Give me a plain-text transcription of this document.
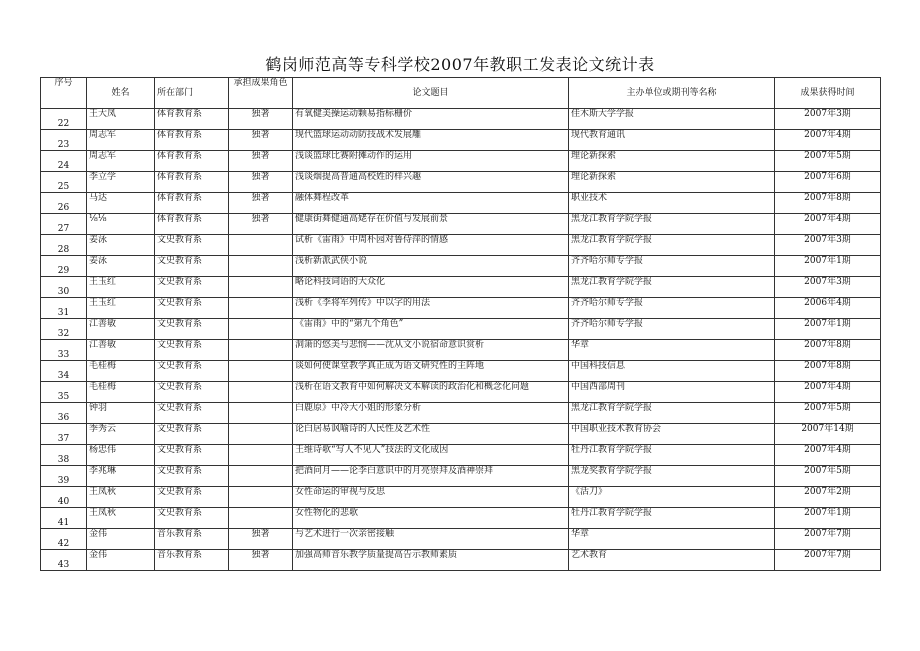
鹤岗师范高等专科学校2007年教职工发表论文统计表
序号	姓名	所在部门	承担成果角色	论文题目	主办单位或期刊等名称	成果获得时间
22	王大凤	体育教育系	独著	有氧健美操运动颗易指标栅价	佳木斯大学学报	2007年3期
23	周志军	体育教育系	独著	现代篮球运动动防技战术发展雕	现代教育通讯	2007年4期
24	周志军	体育教育系	独著	浅谈篮球比赛附摊动作的运用	理论新探索	2007年5期
25	李立学	体育教育系	独著	浅谈烟提高普通高校姓的样兴趣	理论新探索	2007年6期
26	马达	体育教育系	独著	融体舞程改革	职业技术	2007年8期
27	⅛⅛	体育教育系	独著	健康街舞健通高姥存在价值与发展前景	黑龙江教育学院学报	2007年4期
28	姜泳	文史教育系		试析《雷雨》中周朴园对鲁侍萍的情感	黑龙江教育学院学报	2007年3期
29	姜泳	文史教育系		浅析新派武侠小说	齐齐哈尔师专学报	2007年1期
30	王玉红	文史教育系		略论科技词语的大众化	黑龙江教育学院学报	2007年3期
31	王玉红	文史教育系		浅析《李将军列传》中以字的用法	齐齐哈尔师专学报	2006年4期
32	江善敏	文史教育系		《雷雨》中的“第九个角色”	齐齐哈尔师专学报	2007年1期
33	江善敏	文史教育系		洞箫的悠美与悲悯——沈从文小说宿命意识赏析	华章	2007年8期
34	毛桂梅	文史教育系		谈如何使课堂教学真正成为语文研究性的主阵地	中国科技信息	2007年8期
35	毛桂梅	文史教育系		浅析在语文教育中如何解决文本解读的政治化和概念化问题	中国西部周刊	2007年4期
36	钟羽	文史教育系		白鹿原》中冷大小姐的形象分析	黑龙江教育学院学报	2007年5期
37	季秀云	文史教育系		论白居易讽喻诗的人民性及艺术性	中国职业技术教育协会	2007年14期
38	杨忠伟	文史教育系		王维诗歌“写人不见人”技法的文化成因	牡丹江教育学院学报	2007年4期
39	李兆琳	文史教育系		把酒问月——论李白意识中的月亮崇拜及酒神崇拜	黑龙奖教育学院学报	2007年5期
40	王凤秋	文史教育系		女性命运的审视与反思	《活刀》	2007年2期
41	王凤秋	文史教育系		女性物化的悲歌	牡丹江教育学院学报	2007年1期
42	金伟	音乐教育系	独著	与艺术进行一次亲密接触	华章	2007年7期
43	金伟	音乐教育系	独著	加强高师音乐教学质量提高告示教师素质	艺术教育	2007年7期
